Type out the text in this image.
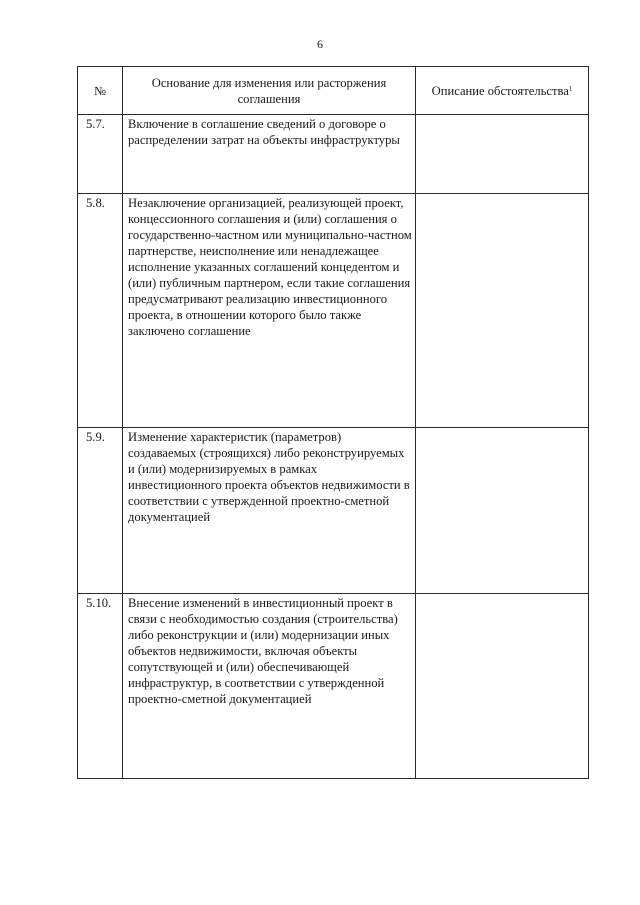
6
№	Основание для изменения или расторжения соглашения	Описание обстоятельства$^1$
5.7.	Включение в соглашение сведений о договоре о распределении затрат на объекты инфраструктуры	
5.8.	Незаключение организацией, реализующей проект, концессионного соглашения и (или) соглашения о государственно-частном или муниципально-частном партнерстве, неисполнение или ненадлежащее исполнение указанных соглашений концедентом и (или) публичным партнером, если такие соглашения предусматривают реализацию инвестиционного проекта, в отношении которого было также заключено соглашение	
5.9.	Изменение характеристик (параметров) создаваемых (строящихся) либо реконструируемых и (или) модернизируемых в рамках инвестиционного проекта объектов недвижимости в соответствии с утвержденной проектно-сметной документацией	
5.10.	Внесение изменений в инвестиционный проект в связи с необходимостью создания (строительства) либо реконструкции и (или) модернизации иных объектов недвижимости, включая объекты сопутствующей и (или) обеспечивающей инфраструктур, в соответствии с утвержденной проектно-сметной документацией	
